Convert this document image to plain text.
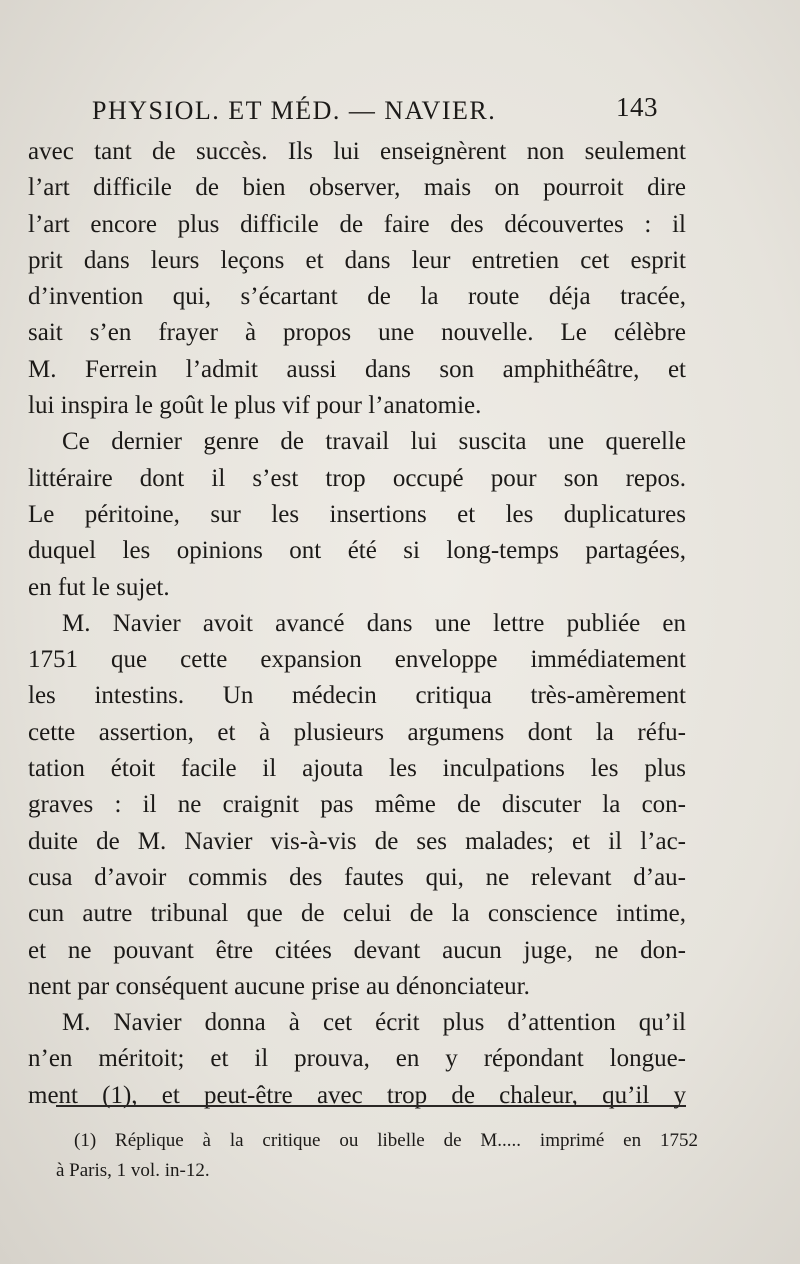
PHYSIOL. ET MÉD. — NAVIER.	143
avec tant de succès. Ils lui enseignèrent non seulement
l’art difficile de bien observer, mais on pourroit dire
l’art encore plus difficile de faire des découvertes : il
prit dans leurs leçons et dans leur entretien cet esprit
d’invention qui, s’écartant de la route déja tracée,
sait s’en frayer à propos une nouvelle. Le célèbre
M. Ferrein l’admit aussi dans son amphithéâtre, et
lui inspira le goût le plus vif pour l’anatomie.
Ce dernier genre de travail lui suscita une querelle
littéraire dont il s’est trop occupé pour son repos.
Le péritoine, sur les insertions et les duplicatures
duquel les opinions ont été si long-temps partagées,
en fut le sujet.
M. Navier avoit avancé dans une lettre publiée en
1751 que cette expansion enveloppe immédiatement
les intestins. Un médecin critiqua très-amèrement
cette assertion, et à plusieurs argumens dont la réfu-
tation étoit facile il ajouta les inculpations les plus
graves : il ne craignit pas même de discuter la con-
duite de M. Navier vis-à-vis de ses malades; et il l’ac-
cusa d’avoir commis des fautes qui, ne relevant d’au-
cun autre tribunal que de celui de la conscience intime,
et ne pouvant être citées devant aucun juge, ne don-
nent par conséquent aucune prise au dénonciateur.
M. Navier donna à cet écrit plus d’attention qu’il
n’en méritoit; et il prouva, en y répondant longue-
ment (1), et peut-être avec trop de chaleur, qu’il y
(1) Réplique à la critique ou libelle de M..... imprimé en 1752
à Paris, 1 vol. in-12.
